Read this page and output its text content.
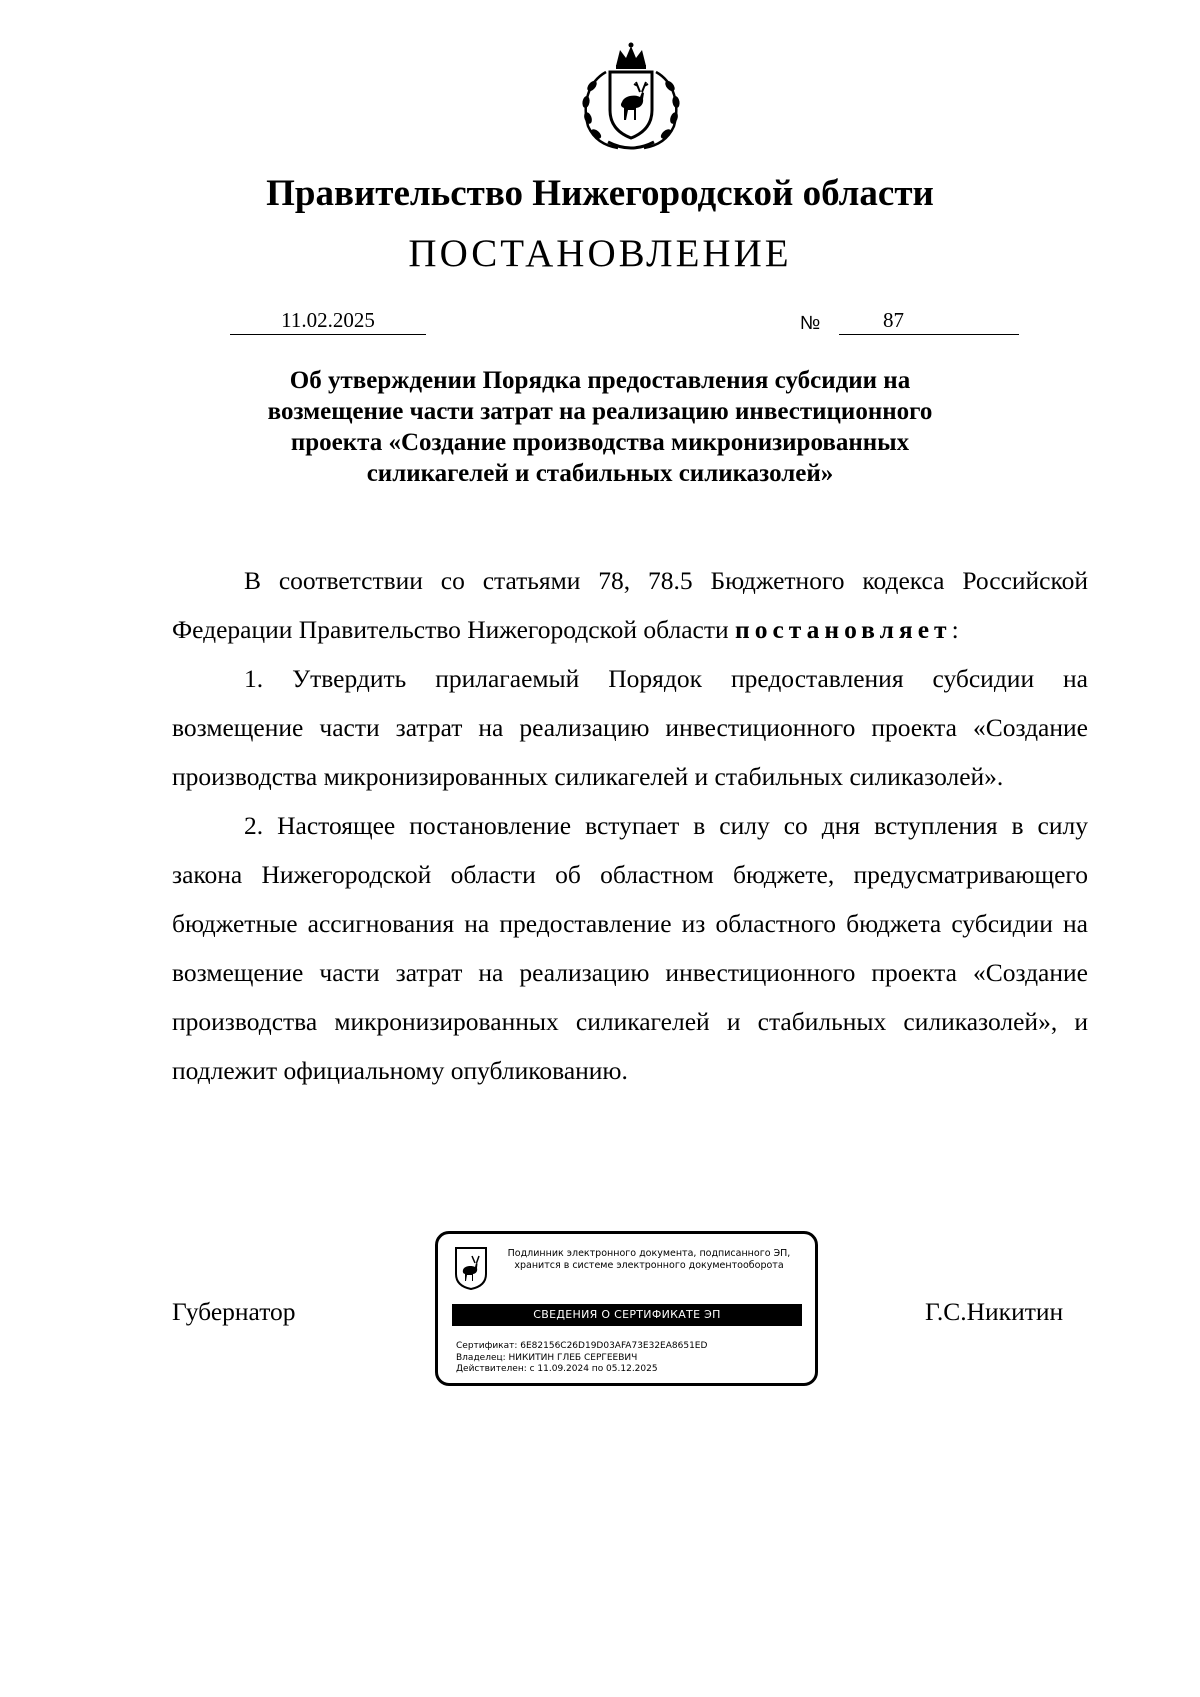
Правительство Нижегородской области
ПОСТАНОВЛЕНИЕ
11.02.2025	№	87
Об утверждении Порядка предоставления субсидии на
возмещение части затрат на реализацию инвестиционного
проекта «Создание производства микронизированных
силикагелей и стабильных силиказолей»

В соответствии со статьями 78, 78.5 Бюджетного кодекса Российской Федерации Правительство Нижегородской области постановляет:

1. Утвердить прилагаемый Порядок предоставления субсидии на возмещение части затрат на реализацию инвестиционного проекта «Создание производства микронизированных силикагелей и стабильных силиказолей».

2. Настоящее постановление вступает в силу со дня вступления в силу закона Нижегородской области об областном бюджете, предусматривающего бюджетные ассигнования на предоставление из областного бюджета субсидии на возмещение части затрат на реализацию инвестиционного проекта «Создание производства микронизированных силикагелей и стабильных силиказолей», и подлежит официальному опубликованию.

Губернатор	Г.С.Никитин
Подлинник электронного документа, подписанного ЭП,
хранится в системе электронного документооборота
СВЕДЕНИЯ О СЕРТИФИКАТЕ ЭП
Сертификат: 6E82156C26D19D03AFA73E32EA8651ED
Владелец: НИКИТИН ГЛЕБ СЕРГЕЕВИЧ
Действителен: с 11.09.2024 по 05.12.2025
